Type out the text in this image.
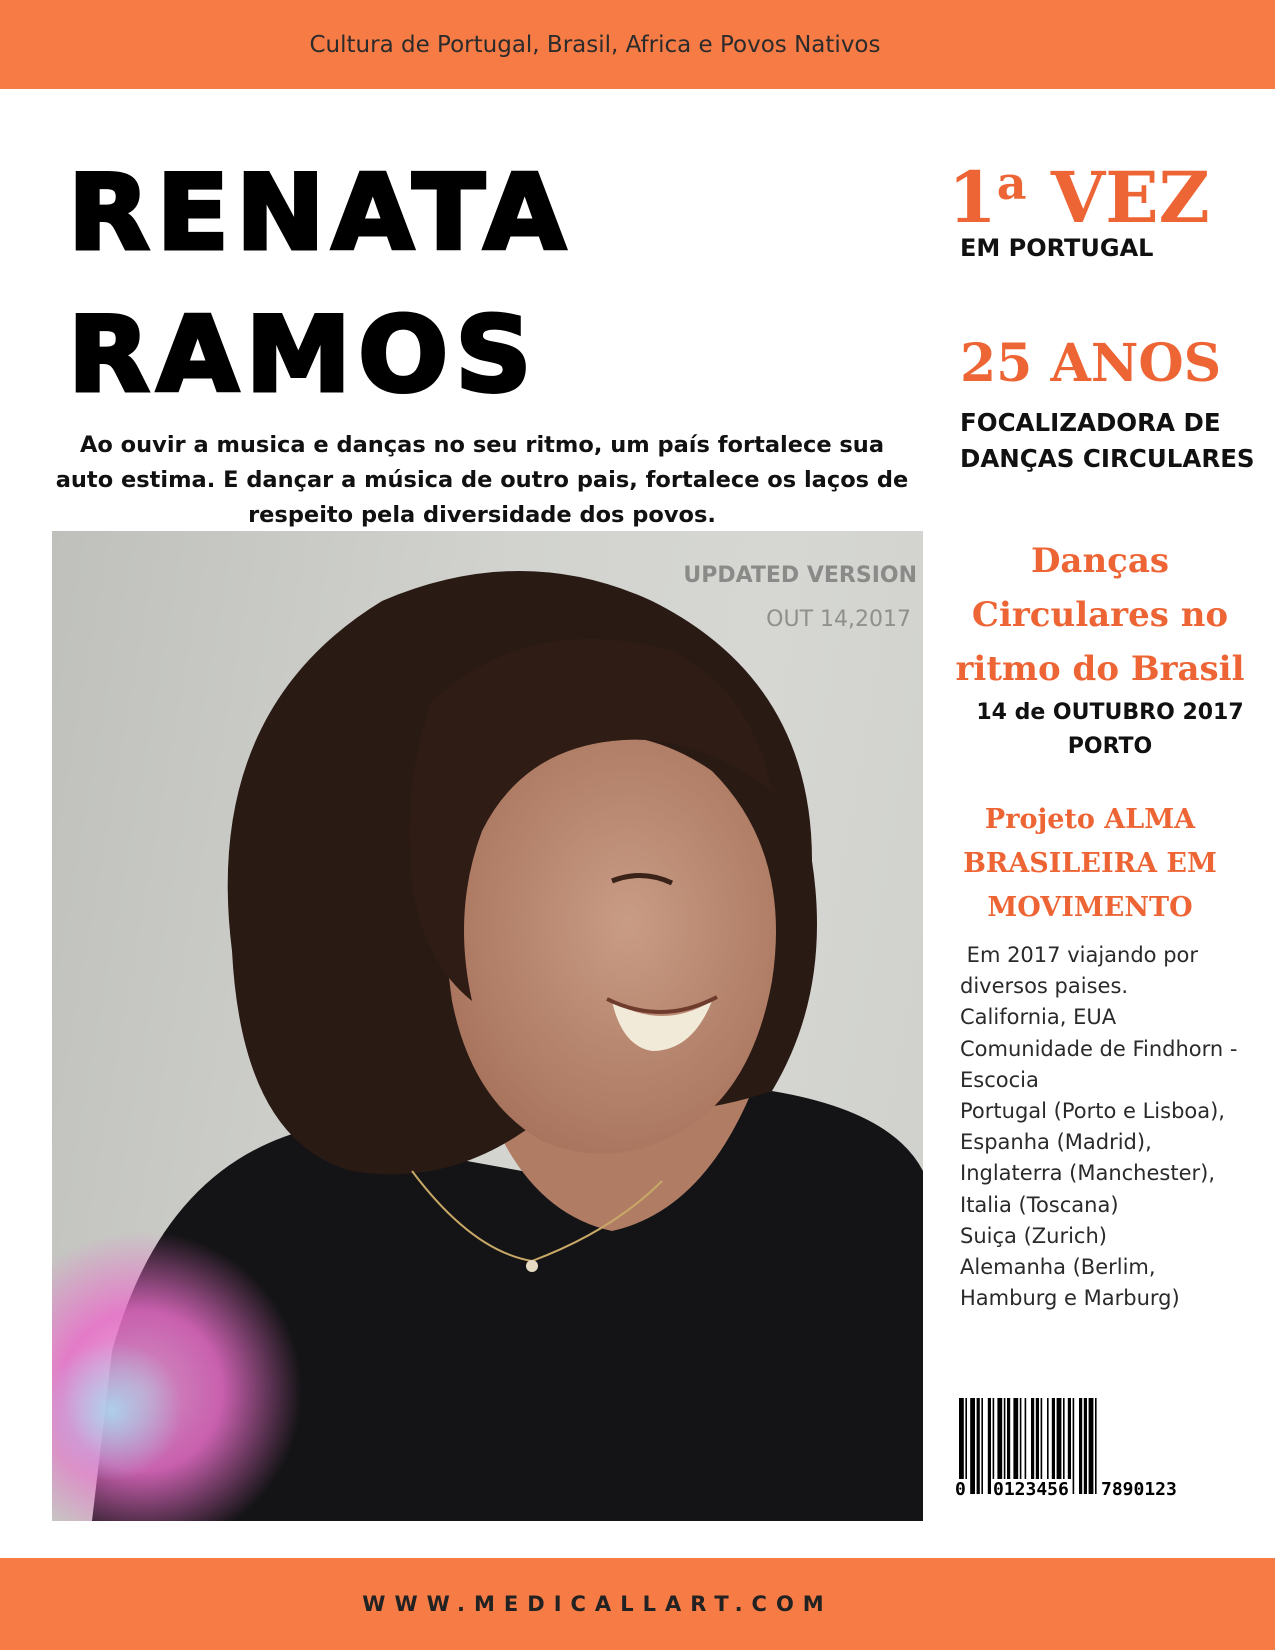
Cultura de Portugal, Brasil, Africa e Povos Nativos
RENATA
RAMOS
Ao ouvir a musica e danças no seu ritmo, um país fortalece sua auto estima. E dançar a música de outro pais, fortalece os laços de respeito pela diversidade dos povos.
UPDATED VERSION
OUT 14,2017
1$^a$ VEZ
EM PORTUGAL
25 ANOS
FOCALIZADORA DE
DANÇAS CIRCULARES
Danças
Circulares no
ritmo do Brasil
14 de OUTUBRO 2017
PORTO
Projeto ALMA
BRASILEIRA EM
MOVIMENTO
Em 2017 viajando por
diversos paises.
California, EUA
Comunidade de Findhorn -
Escocia
Portugal (Porto e Lisboa),
Espanha (Madrid),
Inglaterra (Manchester),
Italia (Toscana)
Suiça (Zurich)
Alemanha (Berlim,
Hamburg e Marburg)
0 0123456 7890123
WWW.MEDICALLART.COM
